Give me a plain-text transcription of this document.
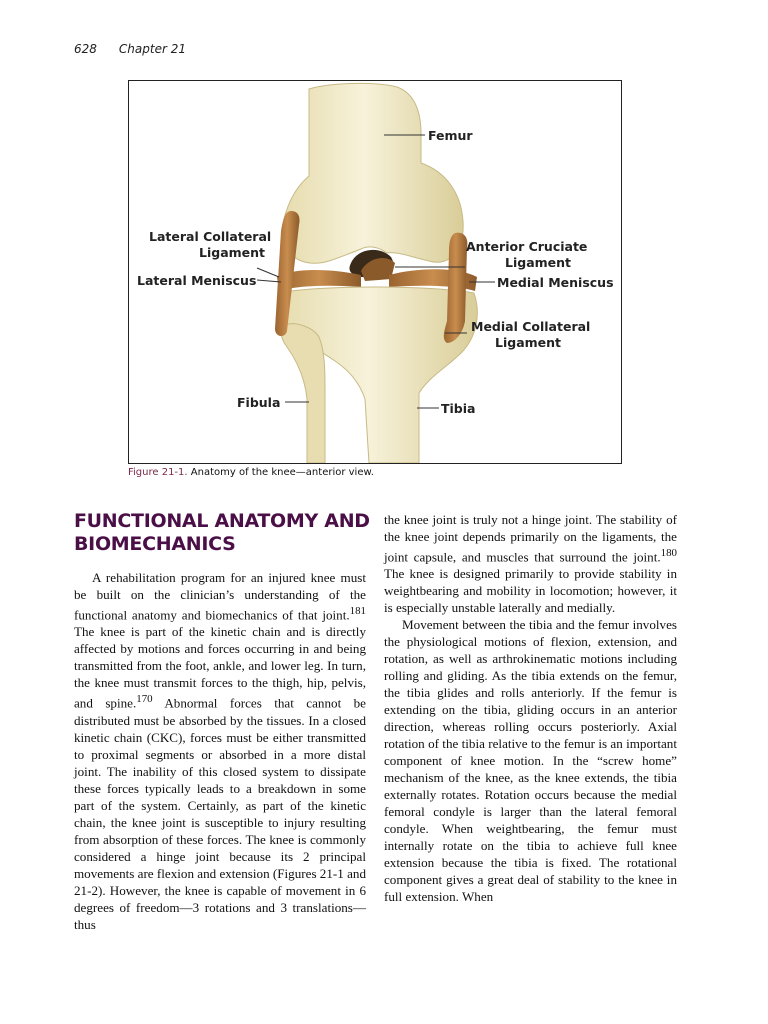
628 Chapter 21
Femur
Lateral Collateral
Ligament
Lateral Meniscus
Anterior Cruciate
Ligament
Medial Meniscus
Medial Collateral
Ligament
Fibula	Tibia
Figure 21-1. Anatomy of the knee—anterior view.
FUNCTIONAL ANATOMY AND
BIOMECHANICS

A rehabilitation program for an injured knee must be built on the clinician’s understanding of the functional anatomy and biomechanics of that joint.$^{181}$ The knee is part of the kinetic chain and is directly affected by motions and forces occurring in and being transmitted from the foot, ankle, and lower leg. In turn, the knee must transmit forces to the thigh, hip, pelvis, and spine.$^{170}$ Abnormal forces that cannot be distributed must be absorbed by the tissues. In a closed kinetic chain (CKC), forces must be either transmitted to proximal segments or absorbed in a more distal joint. The inability of this closed system to dissipate these forces typically leads to a breakdown in some part of the system. Certainly, as part of the kinetic chain, the knee joint is susceptible to injury resulting from absorption of these forces. The knee is commonly considered a hinge joint because its 2 principal movements are flexion and extension (Figures 21-1 and 21-2). However, the knee is capable of movement in 6 degrees of freedom—3 rotations and 3 translations—thus

the knee joint is truly not a hinge joint. The stability of the knee joint depends primarily on the ligaments, the joint capsule, and muscles that surround the joint.$^{180}$ The knee is designed primarily to provide stability in weightbearing and mobility in locomotion; however, it is especially unstable laterally and medially.

Movement between the tibia and the femur involves the physiological motions of flexion, extension, and rotation, as well as arthrokinematic motions including rolling and gliding. As the tibia extends on the femur, the tibia glides and rolls anteriorly. If the femur is extending on the tibia, gliding occurs in an anterior direction, whereas rolling occurs posteriorly. Axial rotation of the tibia relative to the femur is an important component of knee motion. In the “screw home” mechanism of the knee, as the knee extends, the tibia externally rotates. Rotation occurs because the medial femoral condyle is larger than the lateral femoral condyle. When weightbearing, the femur must internally rotate on the tibia to achieve full knee extension because the tibia is fixed. The rotational component gives a great deal of stability to the knee in full extension. When
